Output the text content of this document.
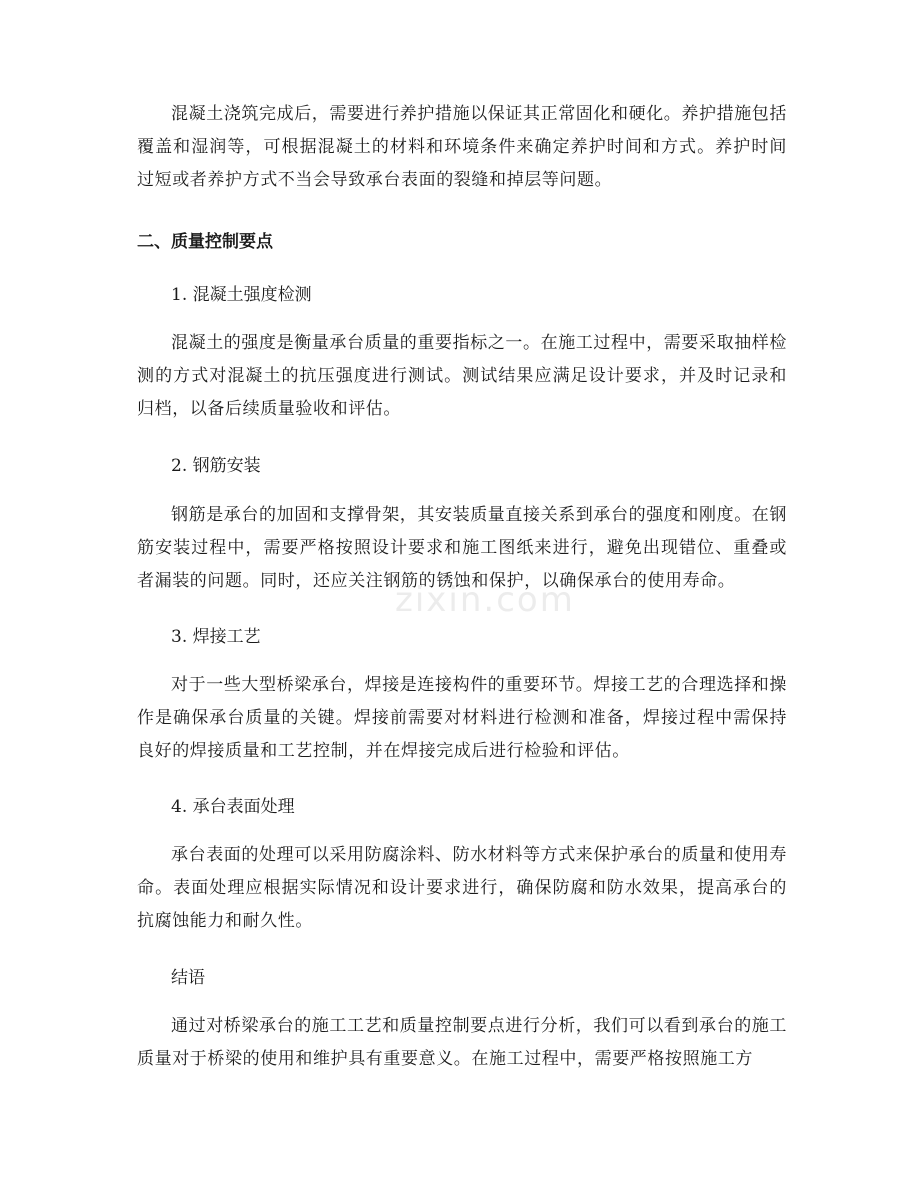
混凝土浇筑完成后，需要进行养护措施以保证其正常固化和硬化。养护措施包括覆盖和湿润等，可根据混凝土的材料和环境条件来确定养护时间和方式。养护时间过短或者养护方式不当会导致承台表面的裂缝和掉层等问题。

二、质量控制要点
1. 混凝土强度检测

混凝土的强度是衡量承台质量的重要指标之一。在施工过程中，需要采取抽样检测的方式对混凝土的抗压强度进行测试。测试结果应满足设计要求，并及时记录和归档，以备后续质量验收和评估。

2. 钢筋安装

钢筋是承台的加固和支撑骨架，其安装质量直接关系到承台的强度和刚度。在钢筋安装过程中，需要严格按照设计要求和施工图纸来进行，避免出现错位、重叠或者漏装的问题。同时，还应关注钢筋的锈蚀和保护，以确保承台的使用寿命。

3. 焊接工艺

对于一些大型桥梁承台，焊接是连接构件的重要环节。焊接工艺的合理选择和操作是确保承台质量的关键。焊接前需要对材料进行检测和准备，焊接过程中需保持良好的焊接质量和工艺控制，并在焊接完成后进行检验和评估。

4. 承台表面处理

承台表面的处理可以采用防腐涂料、防水材料等方式来保护承台的质量和使用寿命。表面处理应根据实际情况和设计要求进行，确保防腐和防水效果，提高承台的抗腐蚀能力和耐久性。

结语

通过对桥梁承台的施工工艺和质量控制要点进行分析，我们可以看到承台的施工质量对于桥梁的使用和维护具有重要意义。在施工过程中，需要严格按照施工方

zixin.com
